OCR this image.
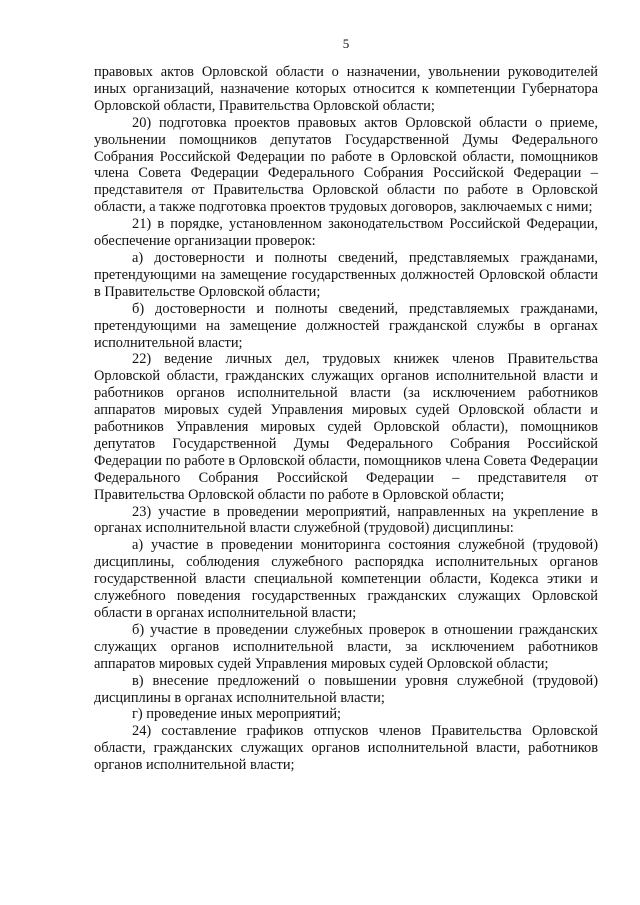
5

правовых актов Орловской области о назначении, увольнении руководителей иных организаций, назначение которых относится к компетенции Губернатора Орловской области, Правительства Орловской области;

20) подготовка проектов правовых актов Орловской области о приеме, увольнении помощников депутатов Государственной Думы Федерального Собрания Российской Федерации по работе в Орловской области, помощников члена Совета Федерации Федерального Собрания Российской Федерации – представителя от Правительства Орловской области по работе в Орловской области, а также подготовка проектов трудовых договоров, заключаемых с ними;

21) в порядке, установленном законодательством Российской Федерации, обеспечение организации проверок:

а) достоверности и полноты сведений, представляемых гражданами, претендующими на замещение государственных должностей Орловской области в Правительстве Орловской области;

б) достоверности и полноты сведений, представляемых гражданами, претендующими на замещение должностей гражданской службы в органах исполнительной власти;

22) ведение личных дел, трудовых книжек членов Правительства Орловской области, гражданских служащих органов исполнительной власти и работников органов исполнительной власти (за исключением работников аппаратов мировых судей Управления мировых судей Орловской области и работников Управления мировых судей Орловской области), помощников депутатов Государственной Думы Федерального Собрания Российской Федерации по работе в Орловской области, помощников члена Совета Федерации Федерального Собрания Российской Федерации – представителя от Правительства Орловской области по работе в Орловской области;

23) участие в проведении мероприятий, направленных на укрепление в органах исполнительной власти служебной (трудовой) дисциплины:

а) участие в проведении мониторинга состояния служебной (трудовой) дисциплины, соблюдения служебного распорядка исполнительных органов государственной власти специальной компетенции области, Кодекса этики и служебного поведения государственных гражданских служащих Орловской области в органах исполнительной власти;

б) участие в проведении служебных проверок в отношении гражданских служащих органов исполнительной власти, за исключением работников аппаратов мировых судей Управления мировых судей Орловской области;

в) внесение предложений о повышении уровня служебной (трудовой) дисциплины в органах исполнительной власти;

г) проведение иных мероприятий;

24) составление графиков отпусков членов Правительства Орловской области, гражданских служащих органов исполнительной власти, работников органов исполнительной власти;
